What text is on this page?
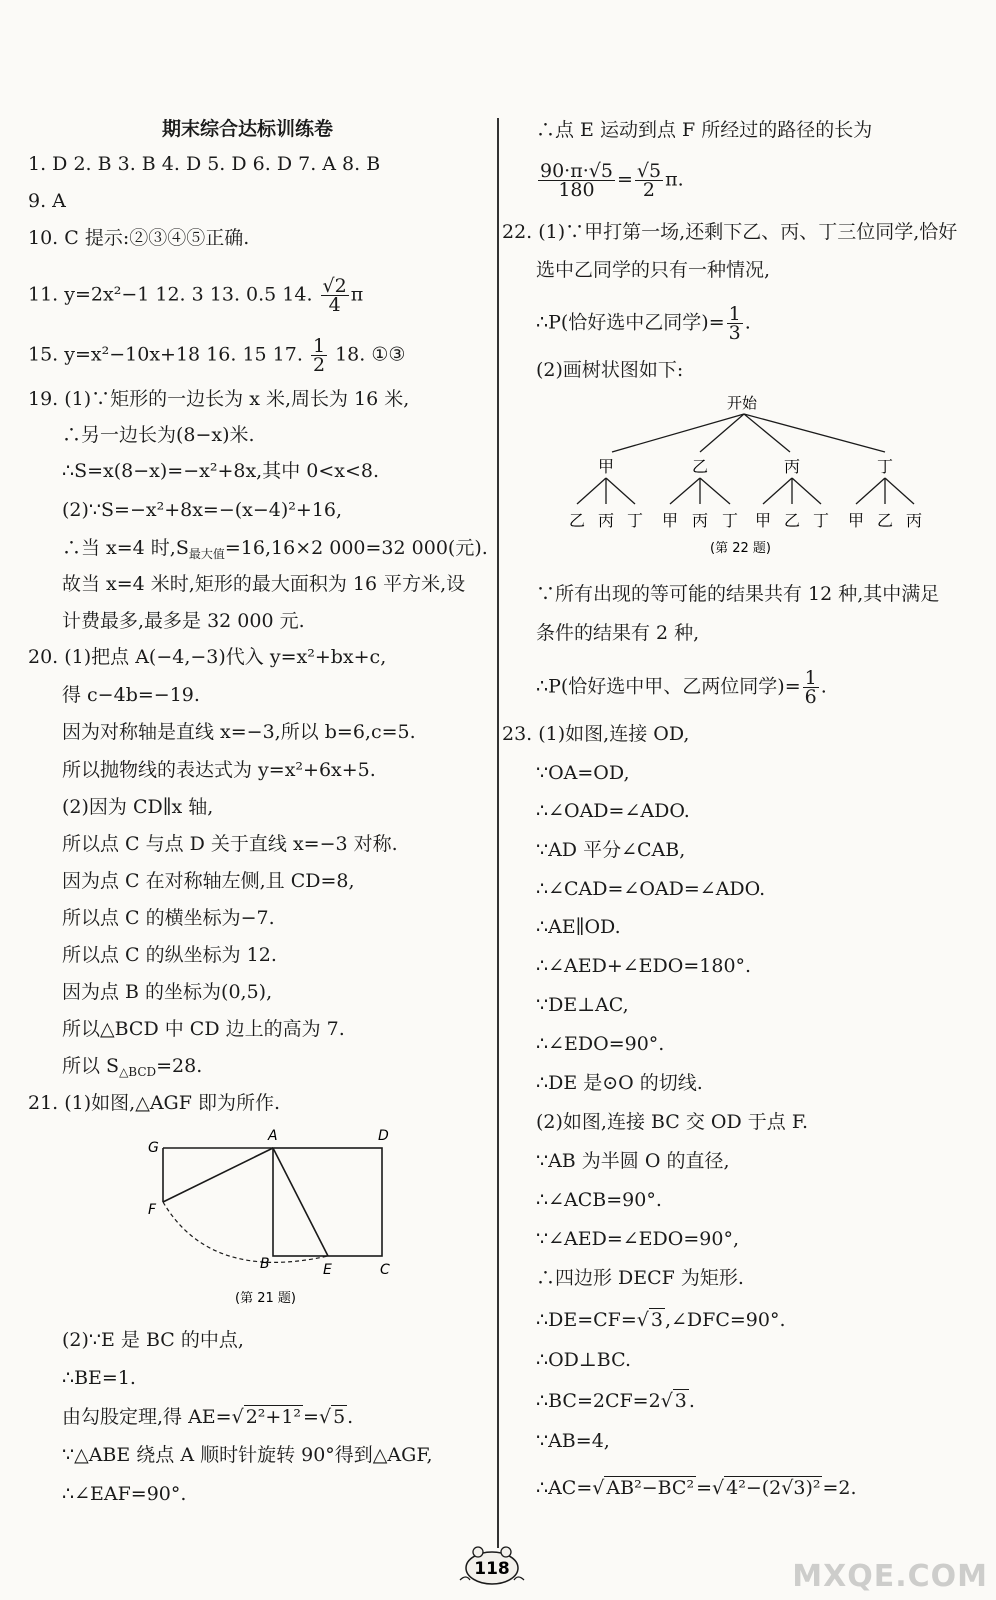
期末综合达标训练卷
1. D 2. B 3. B 4. D 5. D 6. D 7. A 8. B
9. A
10. C 提示:②③④⑤正确.
11. y=2x²−1 12. 3 13. 0.5 14. $\frac{√2}{4}$ π
15. y=x²−10x+18 16. 15 17. $\frac{1}{2} 18$. ①③
19. (1)∵矩形的一边长为 x 米,周长为 16 米,
∴另一边长为(8−x)米.
∴S=x(8−x)=−x²+8x,其中 0<x<8.
(2)∵S=−x²+8x=−(x−4)²+16,
∴当 x=4 时$,S_{最大值}=16,16\times 2$ 000=32 000(元).
故当 x=4 米时,矩形的最大面积为 16 平方米,设
计费最多,最多是 32 000 元.
20. (1)把点 A(−4,−3)代入 y=x²+bx+c,
得 c−4b=−19.
因为对称轴是直线 x=−3,所以 b=6,c=5.
所以抛物线的表达式为 y=x²+6x+5.
(2)因为 CD∥x 轴,
所以点 C 与点 D 关于直线 x=−3 对称.
因为点 C 在对称轴左侧,且 CD=8,
所以点 C 的横坐标为−7.
所以点 C 的纵坐标为 12.
因为点 B 的坐标为(0,5),
所以△BCD 中 CD 边上的高为 7.
所以 $S_{\triangle BCD}=28$.
21. (1)如图,△AGF 即为所作.
G
A	D
F
B	E	C
(第 21 题)
(2)∵E 是 BC 的中点,
∴BE=1.
由勾股定理,得 AE=√ 2²+1² =√ 5 .
∵△ABE 绕点 A 顺时针旋转 90°得到△AGF,
∴∠EAF=90°.
∴点 E 运动到点 F 所经过的路径的长为
$\frac{90\cdot\pi\cdot√5}{180} = \frac{√5}{2} \pi$.
22. (1)∵甲打第一场,还剩下乙、丙、丁三位同学,恰好
选中乙同学的只有一种情况,
∴P(恰好选中乙同学)= $\frac{1}{3}$ .
(2)画树状图如下:
开始
甲	乙	丙	丁
乙 丙 丁 甲 丙 丁 甲 乙 丁 甲 乙 丙
(第 22 题)
∵所有出现的等可能的结果共有 12 种,其中满足
条件的结果有 2 种,
∴P(恰好选中甲、乙两位同学)= $\frac{1}{6}$ .
23. (1)如图,连接 OD,
∵OA=OD,
∴∠OAD=∠ADO.
∵AD 平分∠CAB,
∴∠CAD=∠OAD=∠ADO.
∴AE∥OD.
∴∠AED+∠EDO=180°.
∵DE⊥AC,
∴∠EDO=90°.
∴DE 是⊙O 的切线.
(2)如图,连接 BC 交 OD 于点 F.
∵AB 为半圆 O 的直径,
∴∠ACB=90°.
∵∠AED=∠EDO=90°,
∴四边形 DECF 为矩形.
∴DE=CF=√ 3 ,∠DFC=90°.
∴OD⊥BC.
∴BC=2CF=2√ 3 .
∵AB=4,
∴AC=√ AB²−BC² =√ 4²−(2√3)² =2.
118	MXQE.COM
